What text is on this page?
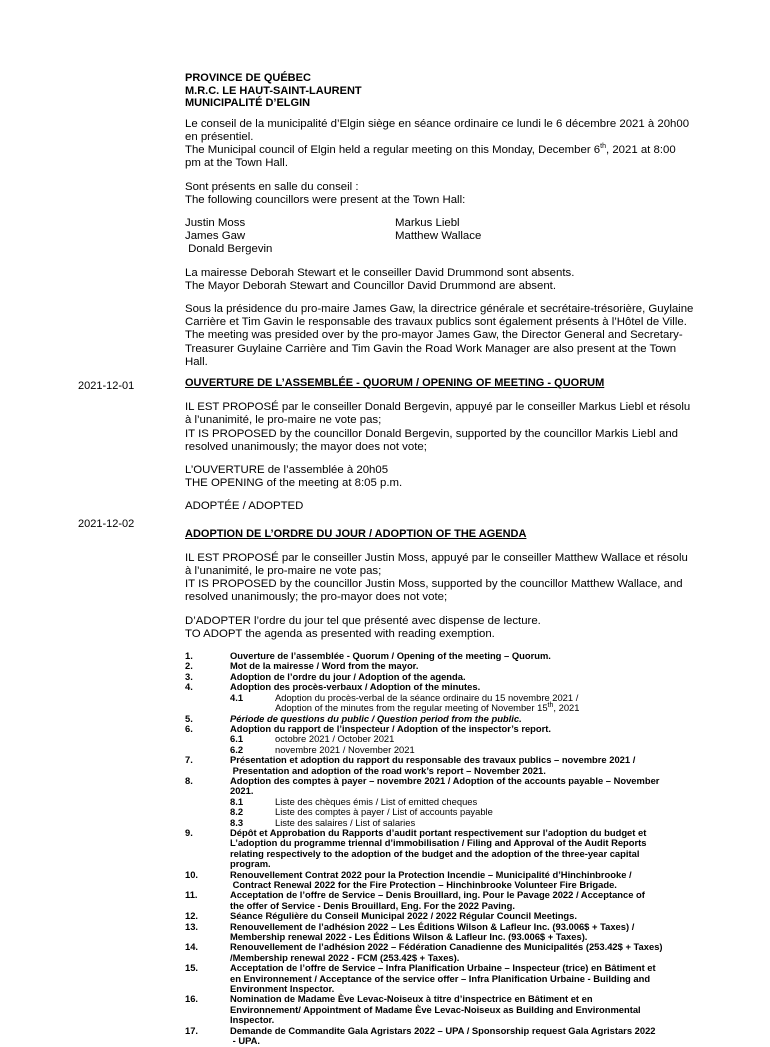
2021-12-01
2021-12-02
PROVINCE DE QUÉBEC
M.R.C. LE HAUT-SAINT-LAURENT
MUNICIPALITÉ D’ELGIN
Le conseil de la municipalité d’Elgin siège en séance ordinaire ce lundi le 6 décembre 2021 à 20h00
en présentiel.
The Municipal council of Elgin held a regular meeting on this Monday, December 6th, 2021 at 8:00
pm at the Town Hall.
Sont présents en salle du conseil :
The following councillors were present at the Town Hall:
Justin Moss	Markus Liebl
James Gaw	Matthew Wallace
Donald Bergevin
La mairesse Deborah Stewart et le conseiller David Drummond sont absents.
The Mayor Deborah Stewart and Councillor David Drummond are absent.
Sous la présidence du pro-maire James Gaw, la directrice générale et secrétaire-trésorière, Guylaine
Carrière et Tim Gavin le responsable des travaux publics sont également présents à l’Hôtel de Ville.
The meeting was presided over by the pro-mayor James Gaw, the Director General and Secretary-
Treasurer Guylaine Carrière and Tim Gavin the Road Work Manager are also present at the Town
Hall.
OUVERTURE DE L’ASSEMBLÉE - QUORUM / OPENING OF MEETING - QUORUM
IL EST PROPOSÉ par le conseiller Donald Bergevin, appuyé par le conseiller Markus Liebl et résolu
à l’unanimité, le pro-maire ne vote pas;
IT IS PROPOSED by the councillor Donald Bergevin, supported by the councillor Markis Liebl and
resolved unanimously; the mayor does not vote;
L’OUVERTURE de l’assemblée à 20h05
THE OPENING of the meeting at 8:05 p.m.
ADOPTÉE / ADOPTED
ADOPTION DE L’ORDRE DU JOUR / ADOPTION OF THE AGENDA
IL EST PROPOSÉ par le conseiller Justin Moss, appuyé par le conseiller Matthew Wallace et résolu
à l’unanimité, le pro-maire ne vote pas;
IT IS PROPOSED by the councillor Justin Moss, supported by the councillor Matthew Wallace, and
resolved unanimously; the pro-mayor does not vote;
D’ADOPTER l’ordre du jour tel que présenté avec dispense de lecture.
TO ADOPT the agenda as presented with reading exemption.
1.	Ouverture de l’assemblée - Quorum / Opening of the meeting – Quorum.
2.	Mot de la mairesse / Word from the mayor.
3.	Adoption de l’ordre du jour / Adoption of the agenda.
4.	Adoption des procès-verbaux / Adoption of the minutes.
4.1	Adoption du procès-verbal de la séance ordinaire du 15 novembre 2021 /
Adoption of the minutes from the regular meeting of November 15th, 2021
5.	Période de questions du public / Question period from the public.
6.	Adoption du rapport de l’inspecteur / Adoption of the inspector’s report.
6.1	octobre 2021 / October 2021
6.2	novembre 2021 / November 2021
7.	Présentation et adoption du rapport du responsable des travaux publics – novembre 2021 /
Presentation and adoption of the road work’s report – November 2021.
8.	Adoption des comptes à payer – novembre 2021 / Adoption of the accounts payable – November
2021.
8.1	Liste des chèques émis / List of emitted cheques
8.2	Liste des comptes à payer / List of accounts payable
8.3	Liste des salaires / List of salaries
9.	Dépôt et Approbation du Rapports d’audit portant respectivement sur l’adoption du budget et
L’adoption du programme triennal d’immobilisation / Filing and Approval of the Audit Reports
relating respectively to the adoption of the budget and the adoption of the three-year capital
program.
10.	Renouvellement Contrat 2022 pour la Protection Incendie – Municipalité d’Hinchinbrooke /
Contract Renewal 2022 for the Fire Protection – Hinchinbrooke Volunteer Fire Brigade.
11.	Acceptation de l’offre de Service – Denis Brouillard, ing. Pour le Pavage 2022 / Acceptance of
the offer of Service - Denis Brouillard, Eng. For the 2022 Paving.
12.	Séance Régulière du Conseil Municipal 2022 / 2022 Régular Council Meetings.
13.	Renouvellement de l’adhésion 2022 – Les Éditions Wilson & Lafleur Inc. (93.006$ + Taxes) /
Membership renewal 2022 - Les Éditions Wilson & Lafleur Inc. (93.006$ + Taxes).
14.	Renouvellement de l’adhésion 2022 – Fédération Canadienne des Municipalités (253.42$ + Taxes)
/Membership renewal 2022 - FCM (253.42$ + Taxes).
15.	Acceptation de l’offre de Service – Infra Planification Urbaine – Inspecteur (trice) en Bâtiment et
en Environnement / Acceptance of the service offer – Infra Planification Urbaine - Building and
Environment Inspector.
16.	Nomination de Madame Ève Levac-Noiseux à titre d’inspectrice en Bâtiment et en
Environnement/ Appointment of Madame Ève Levac-Noiseux as Building and Environmental
Inspector.
17.	Demande de Commandite Gala Agristars 2022 – UPA / Sponsorship request Gala Agristars 2022
- UPA.
